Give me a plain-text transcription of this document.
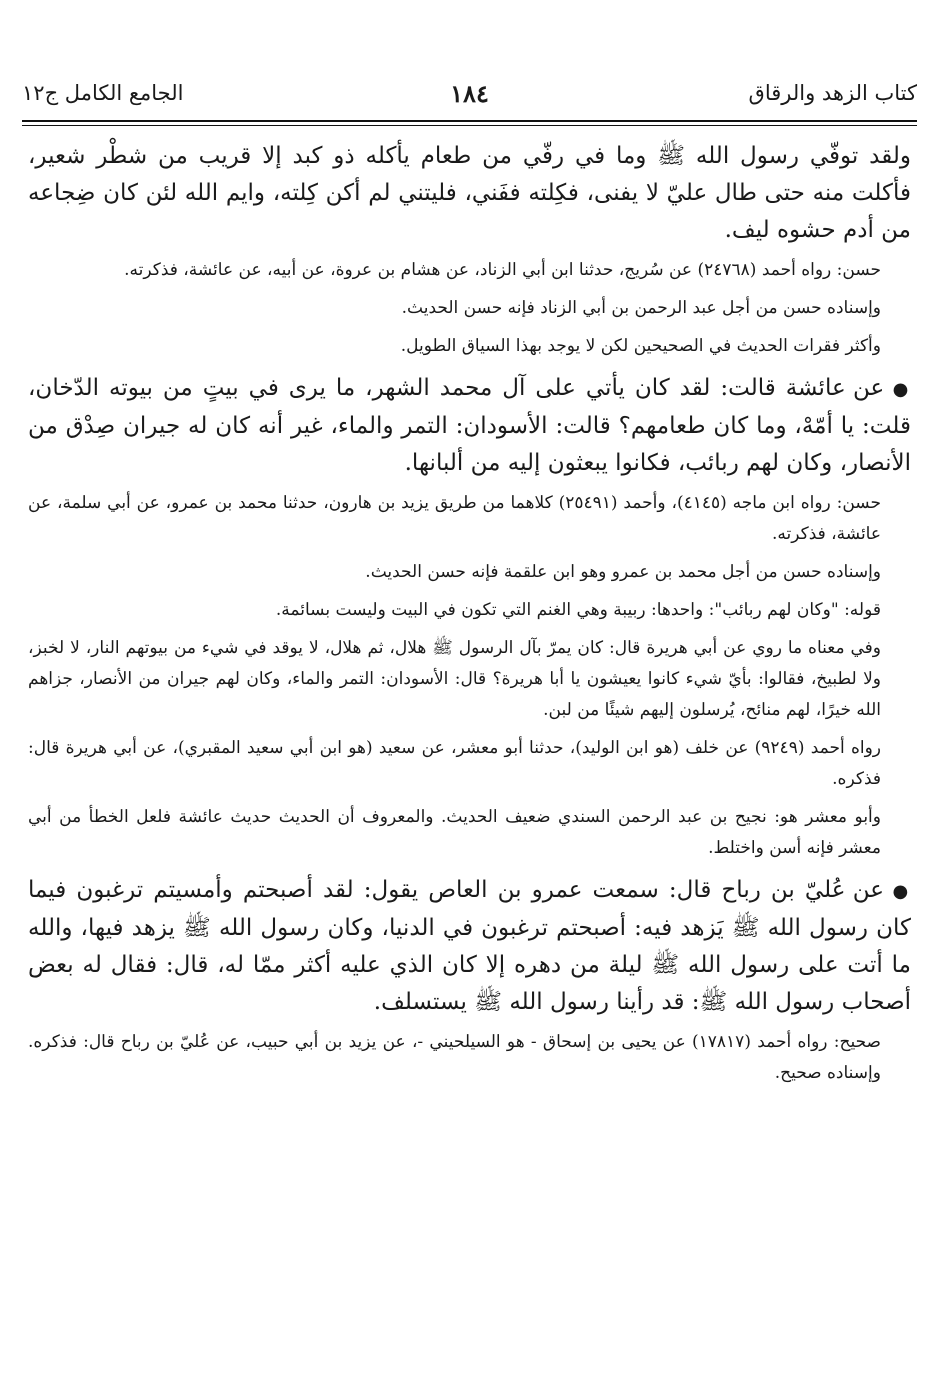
كتاب الزهد والرقاق
١٨٤
الجامع الكامل ج١٢

ولقد توفّي رسول الله ﷺ وما في رفّي من طعام يأكله ذو كبد إلا قريب من شطْر شعير، فأكلت منه حتى طال عليّ لا يفنى، فكِلته ففَني، فليتني لم أكن كِلته، وايم الله لئن كان ضِجاعه من أدم حشوه ليف.

حسن: رواه أحمد (٢٤٧٦٨) عن سُريج، حدثنا ابن أبي الزناد، عن هشام بن عروة، عن أبيه، عن عائشة، فذكرته.

وإسناده حسن من أجل عبد الرحمن بن أبي الزناد فإنه حسن الحديث.

وأكثر فقرات الحديث في الصحيحين لكن لا يوجد بهذا السياق الطويل.

● عن عائشة قالت: لقد كان يأتي على آل محمد الشهر، ما يرى في بيتٍ من بيوته الدّخان، قلت: يا أمّهْ، وما كان طعامهم؟ قالت: الأسودان: التمر والماء، غير أنه كان له جيران صِدْق من الأنصار، وكان لهم ربائب، فكانوا يبعثون إليه من ألبانها.

حسن: رواه ابن ماجه (٤١٤٥)، وأحمد (٢٥٤٩١) كلاهما من طريق يزيد بن هارون، حدثنا محمد بن عمرو، عن أبي سلمة، عن عائشة، فذكرته.

وإسناده حسن من أجل محمد بن عمرو وهو ابن علقمة فإنه حسن الحديث.

قوله: "وكان لهم ربائب": واحدها: ربيبة وهي الغنم التي تكون في البيت وليست بسائمة.

وفي معناه ما روي عن أبي هريرة قال: كان يمرّ بآل الرسول ﷺ هلال، ثم هلال، لا يوقد في شيء من بيوتهم النار، لا لخبز، ولا لطبيخ، فقالوا: بأيّ شيء كانوا يعيشون يا أبا هريرة؟ قال: الأسودان: التمر والماء، وكان لهم جيران من الأنصار، جزاهم الله خيرًا، لهم منائح، يُرسلون إليهم شيئًا من لبن.

رواه أحمد (٩٢٤٩) عن خلف (هو ابن الوليد)، حدثنا أبو معشر، عن سعيد (هو ابن أبي سعيد المقبري)، عن أبي هريرة قال: فذكره.

وأبو معشر هو: نجيح بن عبد الرحمن السندي ضعيف الحديث. والمعروف أن الحديث حديث عائشة فلعل الخطأ من أبي معشر فإنه أسن واختلط.

● عن عُليّ بن رباح قال: سمعت عمرو بن العاص يقول: لقد أصبحتم وأمسيتم ترغبون فيما كان رسول الله ﷺ يَزهد فيه: أصبحتم ترغبون في الدنيا، وكان رسول الله ﷺ يزهد فيها، والله ما أتت على رسول الله ﷺ ليلة من دهره إلا كان الذي عليه أكثر ممّا له، قال: فقال له بعض أصحاب رسول الله ﷺ: قد رأينا رسول الله ﷺ يستسلف.

صحيح: رواه أحمد (١٧٨١٧) عن يحيى بن إسحاق - هو السيلحيني -، عن يزيد بن أبي حبيب، عن عُليّ بن رباح قال: فذكره. وإسناده صحيح.
